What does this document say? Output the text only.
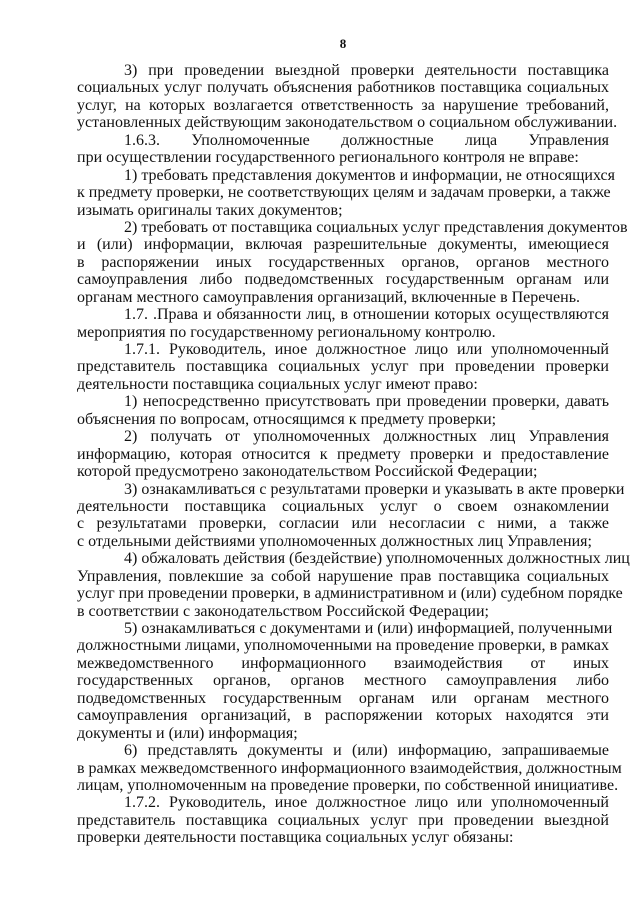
8
3) при проведении выездной проверки деятельности поставщика
социальных услуг получать объяснения работников поставщика социальных
услуг, на которых возлагается ответственность за нарушение требований,
установленных действующим законодательством о социальном обслуживании.
1.6.3. Уполномоченные должностные лица Управления
при осуществлении государственного регионального контроля не вправе:
1) требовать представления документов и информации, не относящихся
к предмету проверки, не соответствующих целям и задачам проверки, а также
изымать оригиналы таких документов;
2) требовать от поставщика социальных услуг представления документов
и (или) информации, включая разрешительные документы, имеющиеся
в распоряжении иных государственных органов, органов местного
самоуправления либо подведомственных государственным органам или
органам местного самоуправления организаций, включенные в Перечень.
1.7. .Права и обязанности лиц, в отношении которых осуществляются
мероприятия по государственному региональному контролю.
1.7.1. Руководитель, иное должностное лицо или уполномоченный
представитель поставщика социальных услуг при проведении проверки
деятельности поставщика социальных услуг имеют право:
1) непосредственно присутствовать при проведении проверки, давать
объяснения по вопросам, относящимся к предмету проверки;
2) получать от уполномоченных должностных лиц Управления
информацию, которая относится к предмету проверки и предоставление
которой предусмотрено законодательством Российской Федерации;
3) ознакамливаться с результатами проверки и указывать в акте проверки
деятельности поставщика социальных услуг о своем ознакомлении
с результатами проверки, согласии или несогласии с ними, а также
с отдельными действиями уполномоченных должностных лиц Управления;
4) обжаловать действия (бездействие) уполномоченных должностных лиц
Управления, повлекшие за собой нарушение прав поставщика социальных
услуг при проведении проверки, в административном и (или) судебном порядке
в соответствии с законодательством Российской Федерации;
5) ознакамливаться с документами и (или) информацией, полученными
должностными лицами, уполномоченными на проведение проверки, в рамках
межведомственного информационного взаимодействия от иных
государственных органов, органов местного самоуправления либо
подведомственных государственным органам или органам местного
самоуправления организаций, в распоряжении которых находятся эти
документы и (или) информация;
6) представлять документы и (или) информацию, запрашиваемые
в рамках межведомственного информационного взаимодействия, должностным
лицам, уполномоченным на проведение проверки, по собственной инициативе.
1.7.2. Руководитель, иное должностное лицо или уполномоченный
представитель поставщика социальных услуг при проведении выездной
проверки деятельности поставщика социальных услуг обязаны:
